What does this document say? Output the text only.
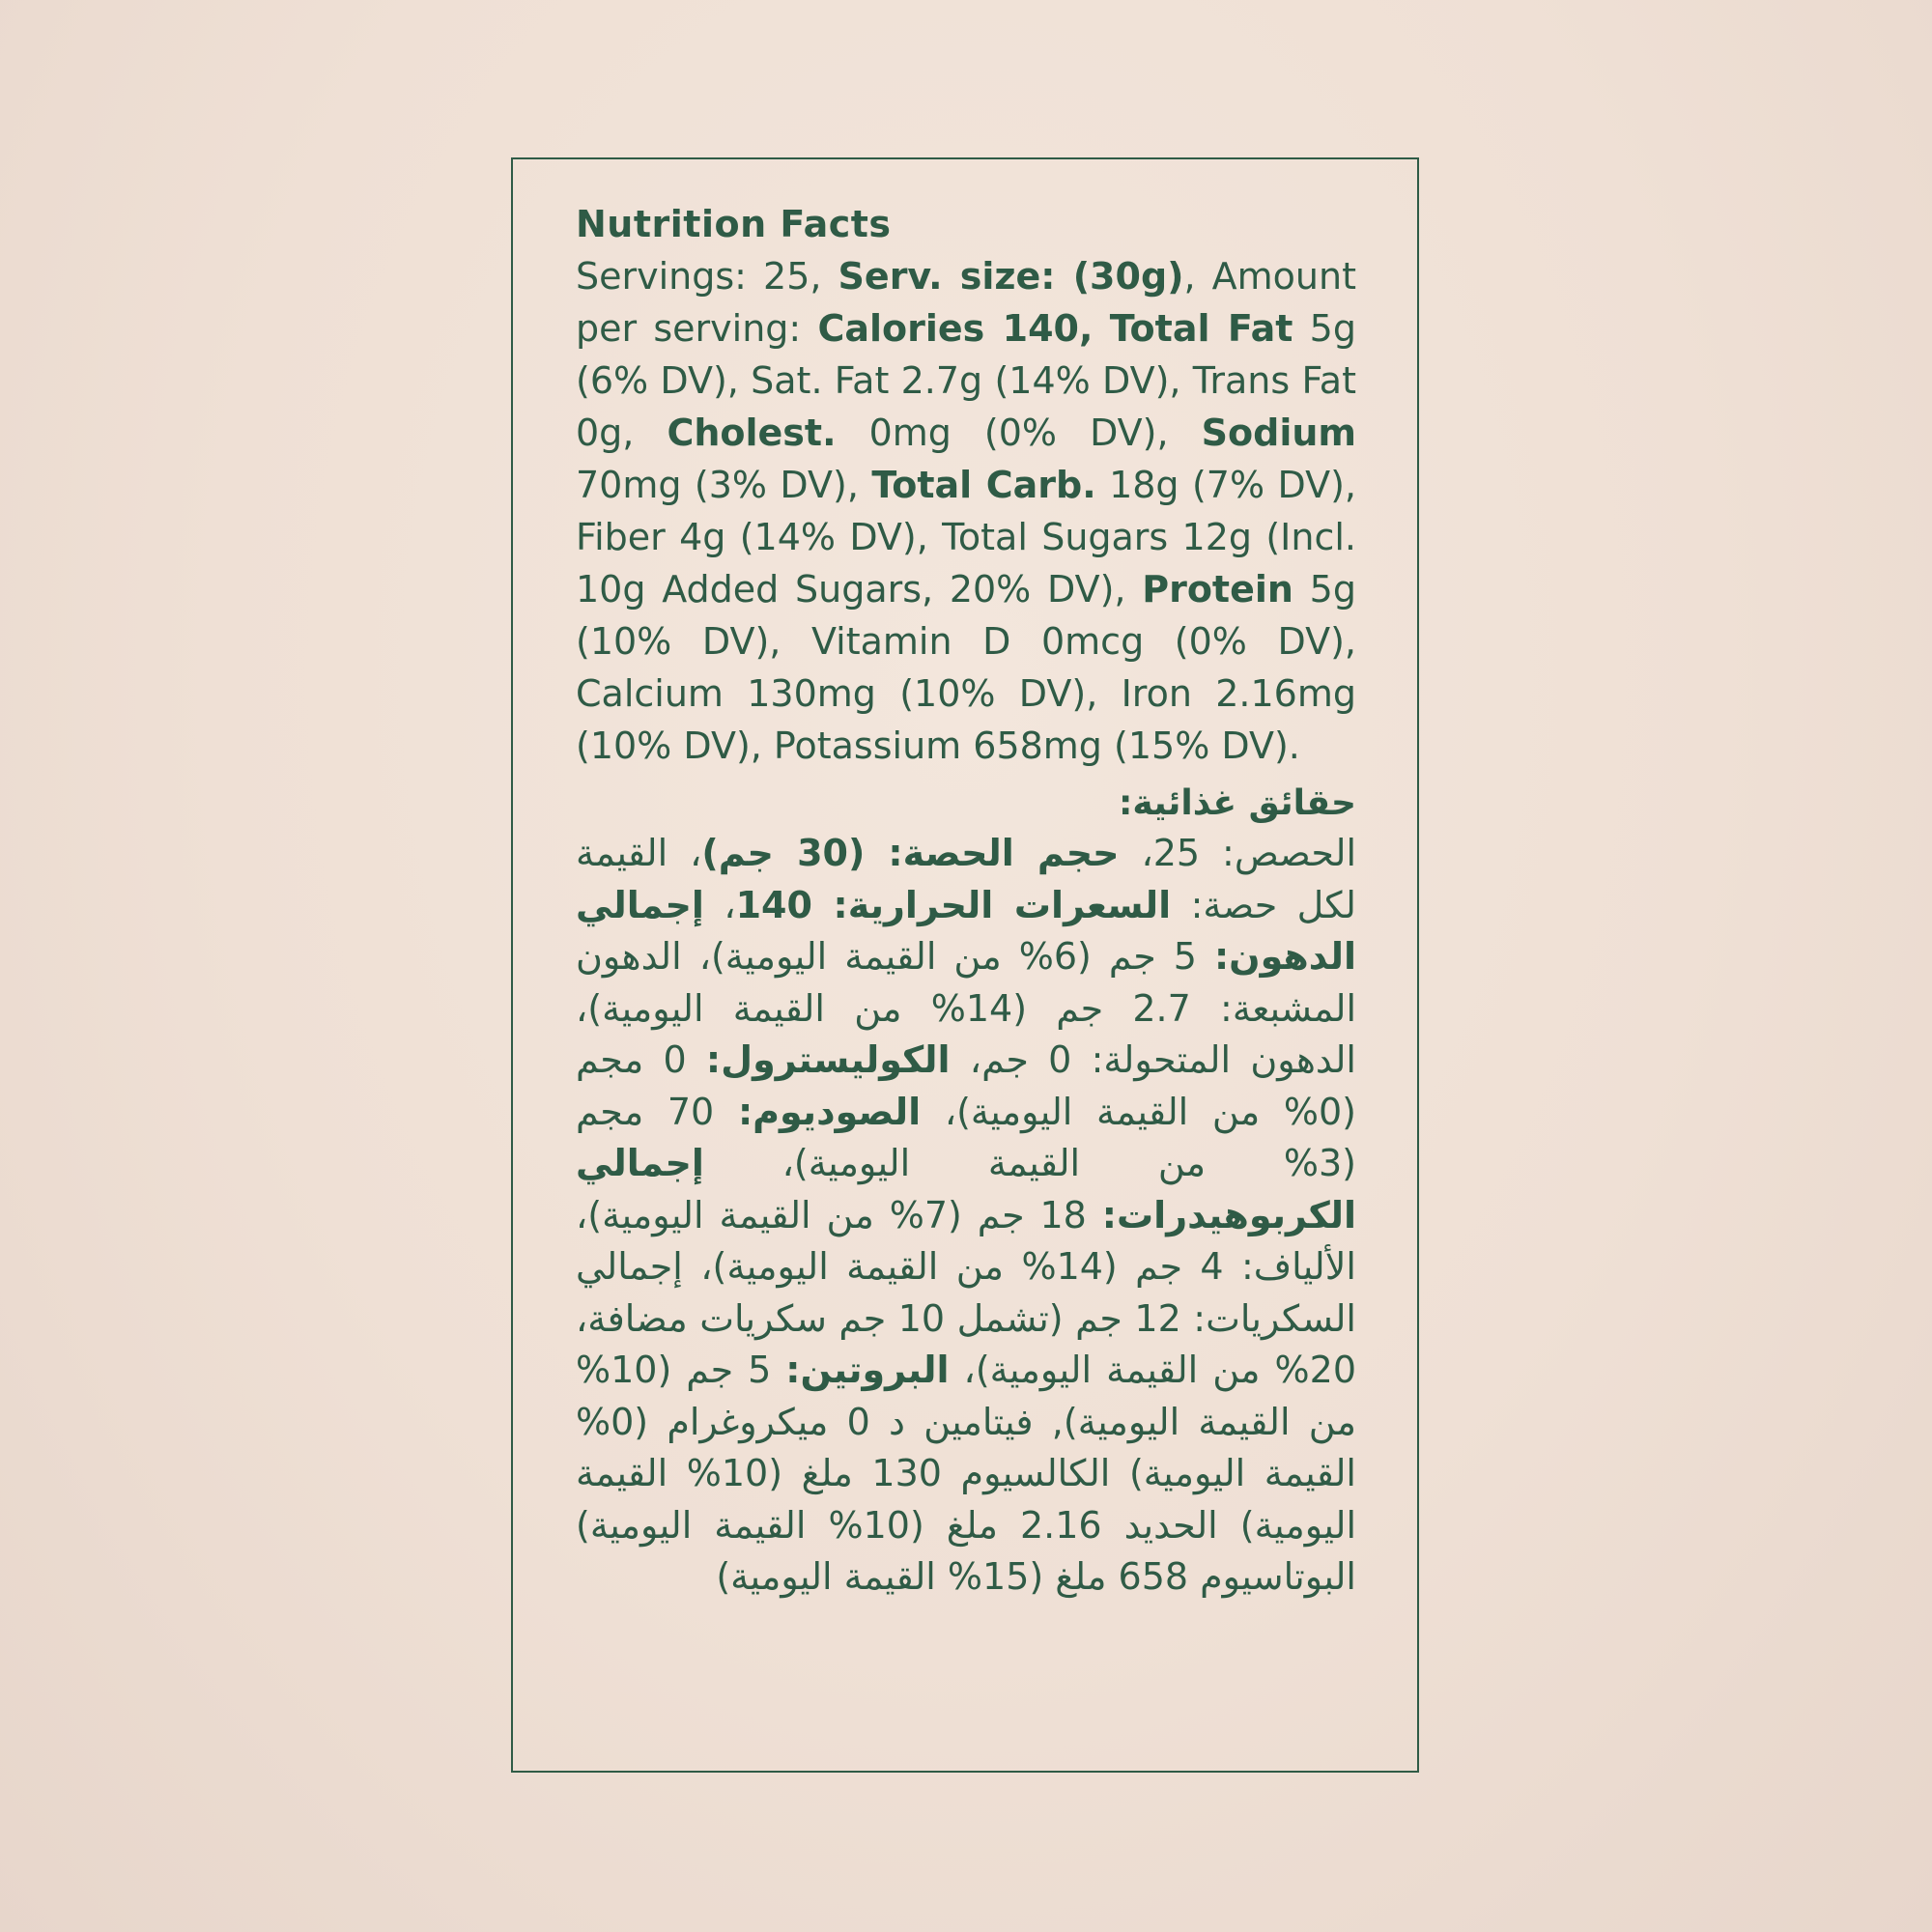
Nutrition Facts

Servings: 25, Serv. size: (30g), Amount per serving: Calories 140, Total Fat 5g (6% DV), Sat. Fat 2.7g (14% DV), Trans Fat 0g, Cholest. 0mg (0% DV), Sodium 70mg (3% DV), Total Carb. 18g (7% DV), Fiber 4g (14% DV), Total Sugars 12g (Incl. 10g Added Sugars, 20% DV), Protein 5g (10% DV), Vitamin D 0mcg (0% DV), Calcium 130mg (10% DV), Iron 2.16mg (10% DV), Potassium 658mg (15% DV).

حقائق غذائية:

الحصص: 25، حجم الحصة: (30 جم)، القيمة لكل حصة: السعرات الحرارية: 140، إجمالي الدهون: 5 جم (6% من القيمة اليومية)، الدهون المشبعة: 2.7 جم (14% من القيمة اليومية)، الدهون المتحولة: 0 جم، الكوليسترول: 0 مجم (0% من القيمة اليومية)، الصوديوم: 70 مجم (3% من القيمة اليومية)، إجمالي الكربوهيدرات: 18 جم (7% من القيمة اليومية)، الألياف: 4 جم (14% من القيمة اليومية)، إجمالي السكريات: 12 جم (تشمل 10 جم سكريات مضافة، 20% من القيمة اليومية)، البروتين: 5 جم (10% من القيمة اليومية), فيتامين د 0 ميكروغرام (0% القيمة اليومية) الكالسيوم 130 ملغ (10% القيمة اليومية) الحديد 2.16 ملغ (10% القيمة اليومية) البوتاسيوم 658 ملغ (15% القيمة اليومية)
